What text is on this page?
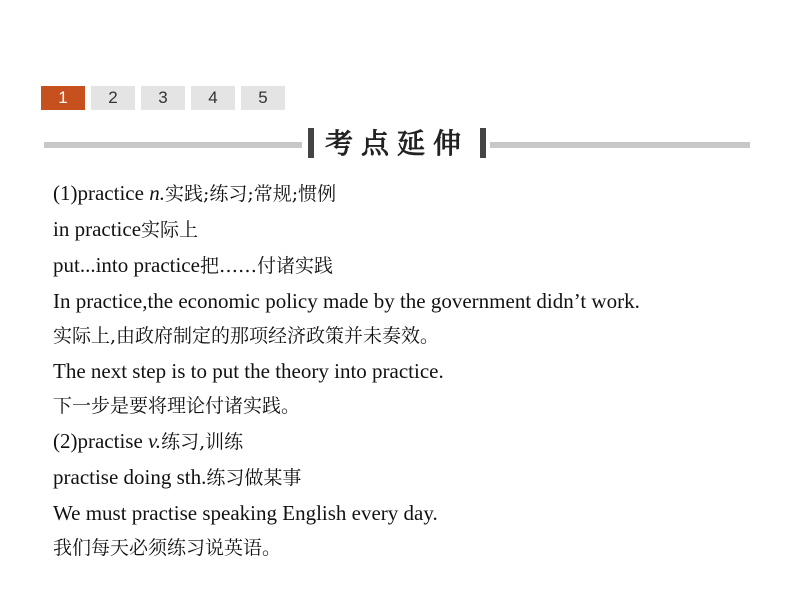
1	2	3	4	5
考点延伸

(1)practice n.实践;练习;常规;惯例

in practice实际上

put...into practice把……付诸实践

In practice,the economic policy made by the government didn’t work.

实际上,由政府制定的那项经济政策并未奏效。

The next step is to put the theory into practice.

下一步是要将理论付诸实践。

(2)practise v.练习,训练

practise doing sth.练习做某事

We must practise speaking English every day.

我们每天必须练习说英语。
